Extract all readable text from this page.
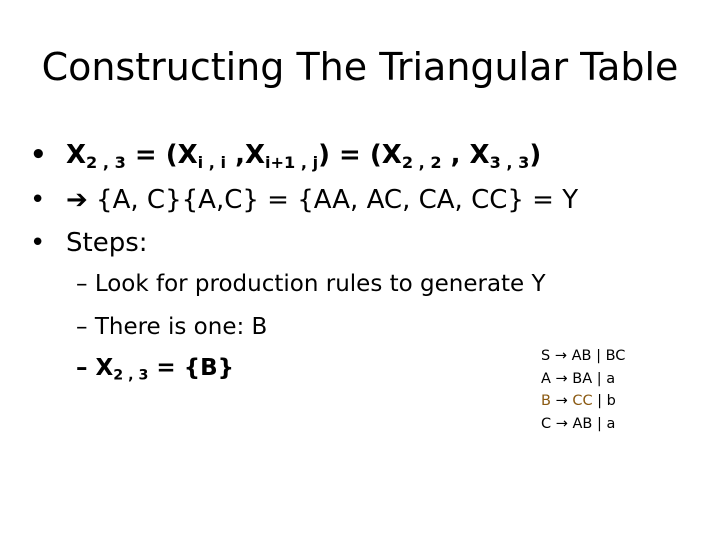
Constructing The Triangular Table
• $X_{2 , 3} = (X_{i , i}$ $,X_{i+1 , j}) = (X_{2 , 2}$ , $X_{3 , 3}$)
• ➔ {A, C}{A,C} = {AA, AC, CA, CC} = Y
• Steps:
– Look for production rules to generate Y
– There is one: B
– $X_{2 , 3} = \{B\}$	S → AB | BC
A → BA | a
B → CC | b
C → AB | a
